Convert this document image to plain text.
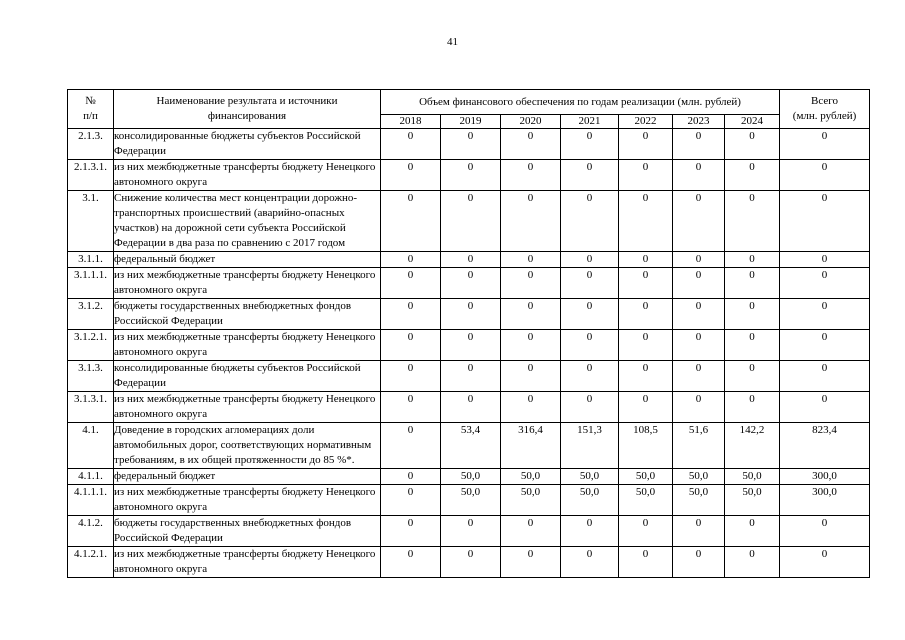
41
№
п/п	Наименование результата и источники финансирования	Объем финансового обеспечения по годам реализации (млн. рублей)							Всего
(млн. рублей)
		2018	2019	2020	2021	2022	2023	2024	
2.1.3.	консолидированные бюджеты субъектов Российской Федерации	0	0	0	0	0	0	0	0
2.1.3.1.	из них межбюджетные трансферты бюджету Ненецкого автономного округа	0	0	0	0	0	0	0	0
3.1.	Снижение количества мест концентрации дорожно-транспортных происшествий (аварийно-опасных участков) на дорожной сети субъекта Российской Федерации в два раза по сравнению с 2017 годом	0	0	0	0	0	0	0	0
3.1.1.	федеральный бюджет	0	0	0	0	0	0	0	0
3.1.1.1.	из них межбюджетные трансферты бюджету Ненецкого автономного округа	0	0	0	0	0	0	0	0
3.1.2.	бюджеты государственных внебюджетных фондов Российской Федерации	0	0	0	0	0	0	0	0
3.1.2.1.	из них межбюджетные трансферты бюджету Ненецкого автономного округа	0	0	0	0	0	0	0	0
3.1.3.	консолидированные бюджеты субъектов Российской Федерации	0	0	0	0	0	0	0	0
3.1.3.1.	из них межбюджетные трансферты бюджету Ненецкого автономного округа	0	0	0	0	0	0	0	0
4.1.	Доведение в городских агломерациях доли автомобильных дорог, соответствующих нормативным требованиям, в их общей протяженности до 85 %*.	0	53,4	316,4	151,3	108,5	51,6	142,2	823,4
4.1.1.	федеральный бюджет	0	50,0	50,0	50,0	50,0	50,0	50,0	300,0
4.1.1.1.	из них межбюджетные трансферты бюджету Ненецкого автономного округа	0	50,0	50,0	50,0	50,0	50,0	50,0	300,0
4.1.2.	бюджеты государственных внебюджетных фондов Российской Федерации	0	0	0	0	0	0	0	0
4.1.2.1.	из них межбюджетные трансферты бюджету Ненецкого автономного округа	0	0	0	0	0	0	0	0
